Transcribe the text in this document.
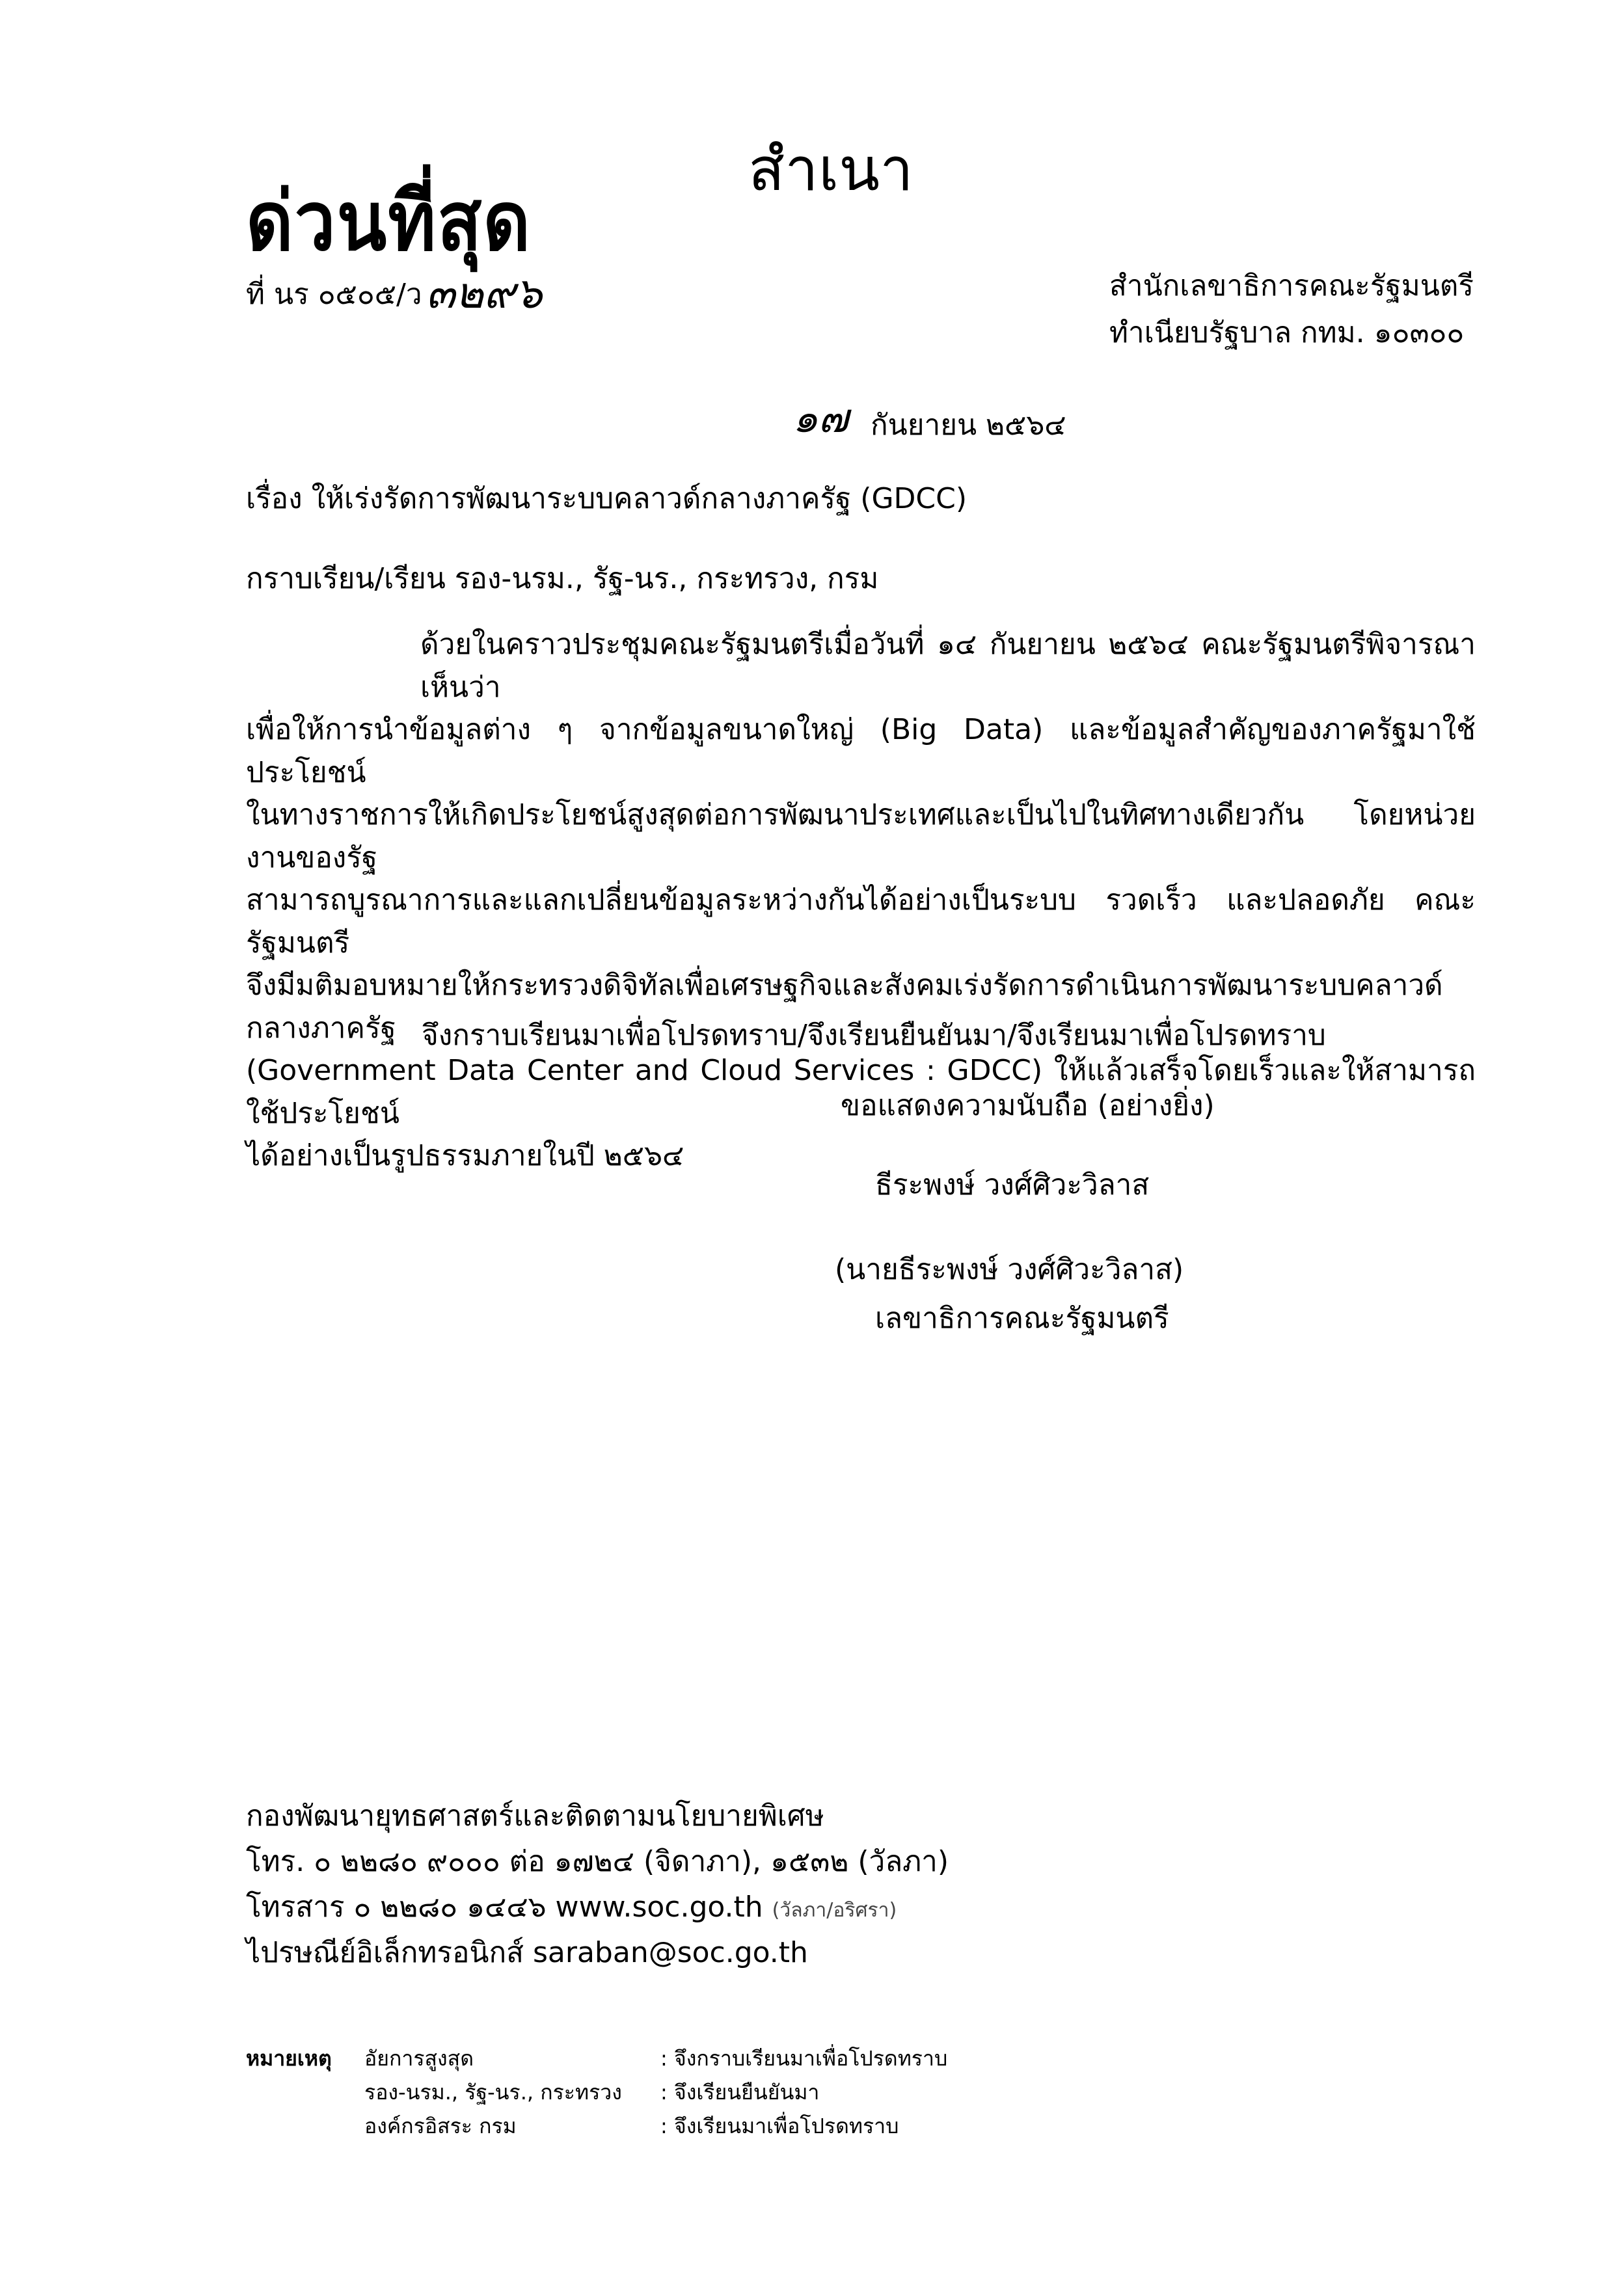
สำเนา
ด่วนที่สุด
ที่ นร ๐๕๐๕/ว๓๒๙๖	สำนักเลขาธิการคณะรัฐมนตรี
ทำเนียบรัฐบาล กทม. ๑๐๓๐๐
๑๗ กันยายน ๒๕๖๔
เรื่อง ให้เร่งรัดการพัฒนาระบบคลาวด์กลางภาครัฐ (GDCC)
กราบเรียน/เรียน รอง-นรม., รัฐ-นร., กระทรวง, กรม
ด้วยในคราวประชุมคณะรัฐมนตรีเมื่อวันที่ ๑๔ กันยายน ๒๕๖๔ คณะรัฐมนตรีพิจารณาเห็นว่า
เพื่อให้การนำข้อมูลต่าง ๆ จากข้อมูลขนาดใหญ่ (Big Data) และข้อมูลสำคัญของภาครัฐมาใช้ประโยชน์
ในทางราชการให้เกิดประโยชน์สูงสุดต่อการพัฒนาประเทศและเป็นไปในทิศทางเดียวกัน โดยหน่วยงานของรัฐ
สามารถบูรณาการและแลกเปลี่ยนข้อมูลระหว่างกันได้อย่างเป็นระบบ รวดเร็ว และปลอดภัย คณะรัฐมนตรี
จึงมีมติมอบหมายให้กระทรวงดิจิทัลเพื่อเศรษฐกิจและสังคมเร่งรัดการดำเนินการพัฒนาระบบคลาวด์กลางภาครัฐ
(Government Data Center and Cloud Services : GDCC) ให้แล้วเสร็จโดยเร็วและให้สามารถใช้ประโยชน์
ได้อย่างเป็นรูปธรรมภายในปี ๒๕๖๔
จึงกราบเรียนมาเพื่อโปรดทราบ/จึงเรียนยืนยันมา/จึงเรียนมาเพื่อโปรดทราบ
ขอแสดงความนับถือ (อย่างยิ่ง)
ธีระพงษ์ วงศ์ศิวะวิลาส
(นายธีระพงษ์ วงศ์ศิวะวิลาส)
เลขาธิการคณะรัฐมนตรี
กองพัฒนายุทธศาสตร์และติดตามนโยบายพิเศษ
โทร. ๐ ๒๒๘๐ ๙๐๐๐ ต่อ ๑๗๒๔ (จิดาภา), ๑๕๓๒ (วัลภา)
โทรสาร ๐ ๒๒๘๐ ๑๔๔๖ www.soc.go.th (วัลภา/อริศรา)
ไปรษณีย์อิเล็กทรอนิกส์ saraban@soc.go.th
หมายเหตุ อัยการสูงสุด	: จึงกราบเรียนมาเพื่อโปรดทราบ
รอง-นรม., รัฐ-นร., กระทรวง : จึงเรียนยืนยันมา
องค์กรอิสระ กรม	: จึงเรียนมาเพื่อโปรดทราบ
